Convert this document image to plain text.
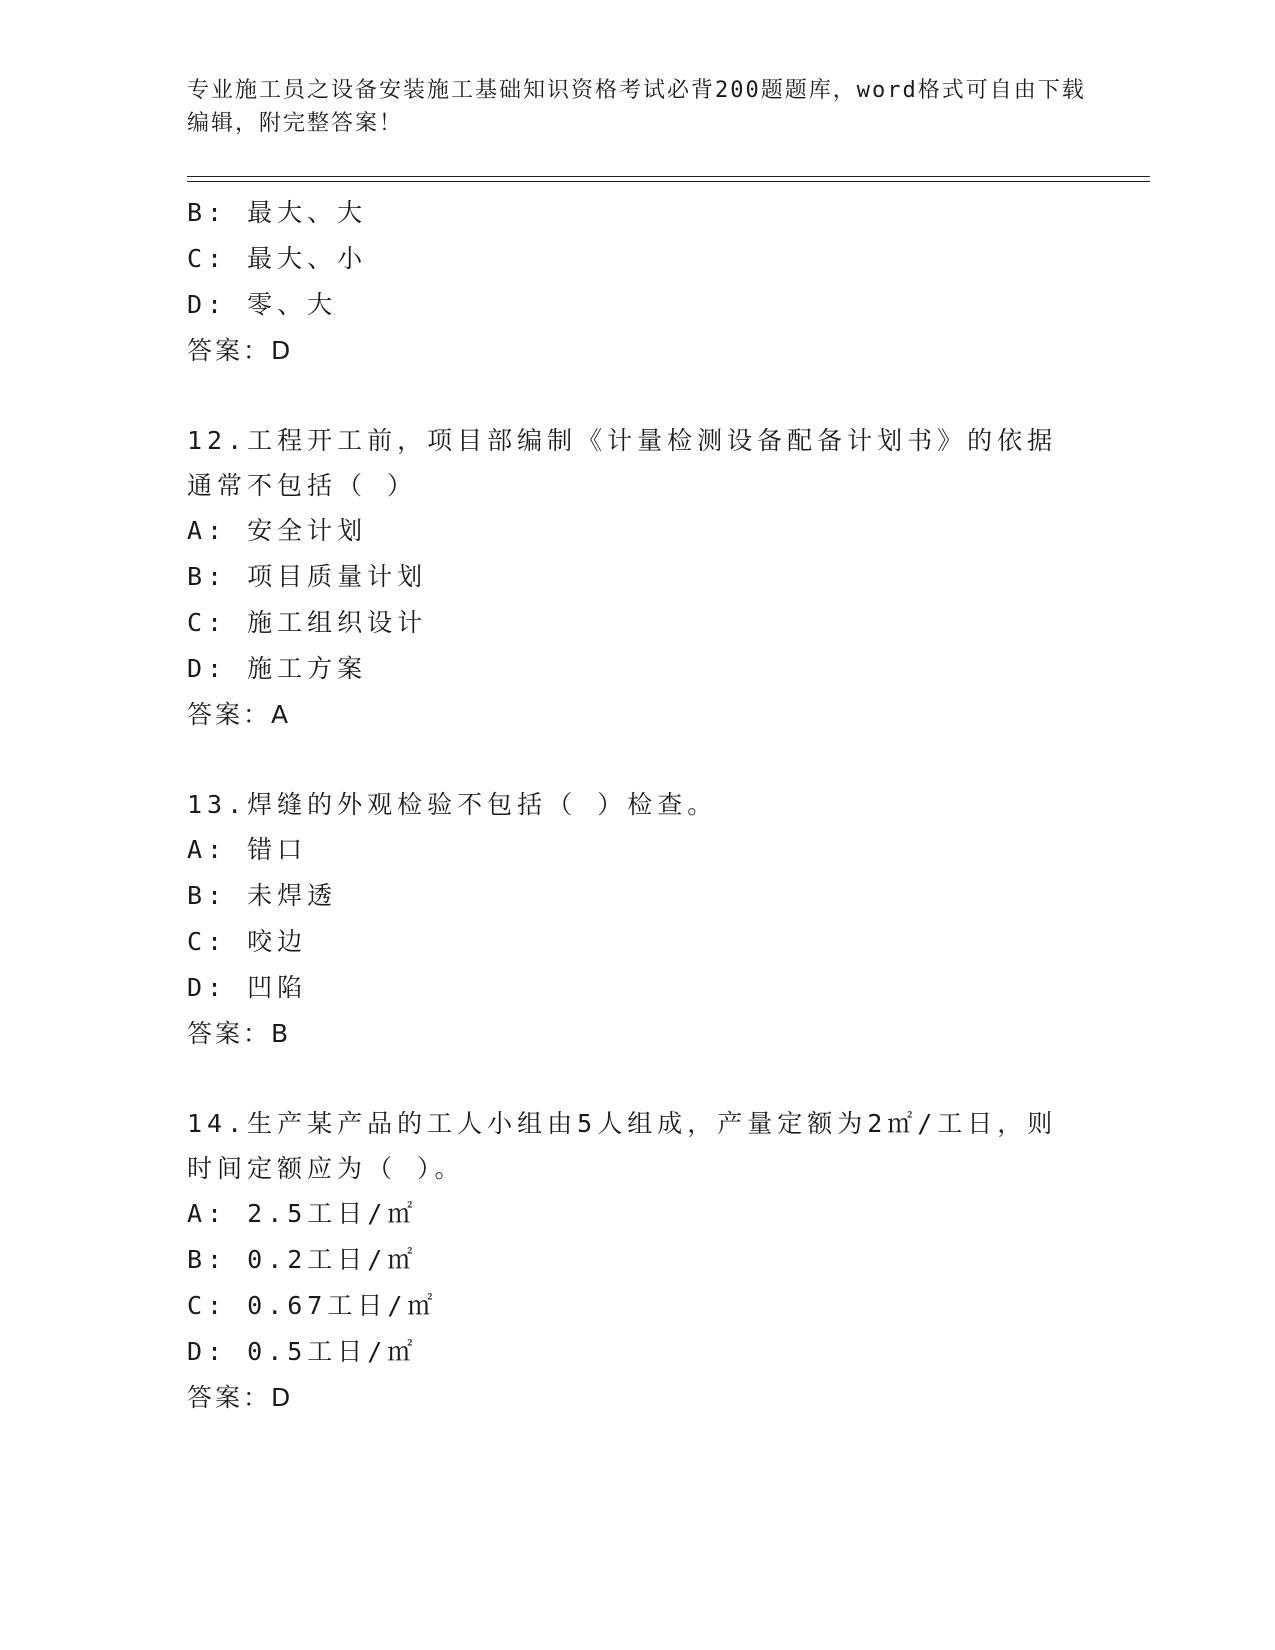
专业施工员之设备安装施工基础知识资格考试必背200题题库，word格式可自由下载编辑，附完整答案！
B: 最大、大
C: 最大、小
D: 零、大
答案：D
12.工程开工前，项目部编制《计量检测设备配备计划书》的依据通常不包括（ ）
A: 安全计划
B: 项目质量计划
C: 施工组织设计
D: 施工方案
答案：A
13.焊缝的外观检验不包括（ ）检查。
A: 错口
B: 未焊透
C: 咬边
D: 凹陷
答案：B
14.生产某产品的工人小组由5人组成，产量定额为2㎡/工日，则时间定额应为（ ）。
A: 2.5工日/㎡
B: 0.2工日/㎡
C: 0.67工日/㎡
D: 0.5工日/㎡
答案：D
